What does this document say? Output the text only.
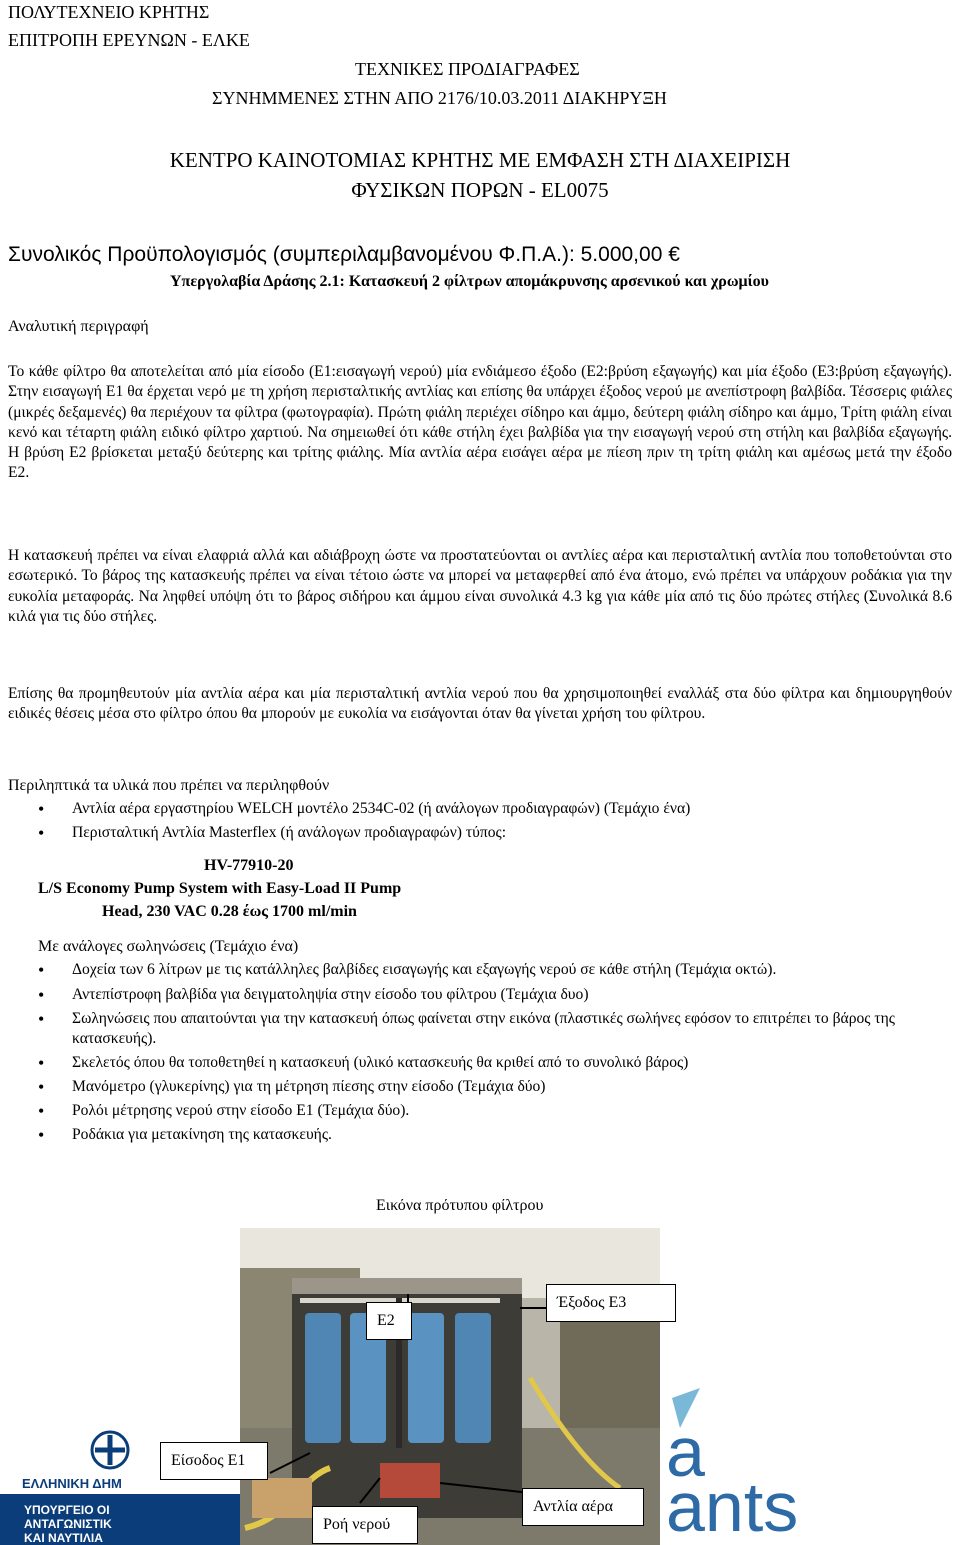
ΠΟΛΥΤΕΧΝΕΙΟ ΚΡΗΤΗΣ

ΕΠΙΤΡΟΠΗ ΕΡΕΥΝΩΝ - ΕΛΚΕ

ΤΕΧΝΙΚΕΣ ΠΡΟΔΙΑΓΡΑΦΕΣ

ΣΥΝΗΜΜΕΝΕΣ ΣΤΗΝ ΑΠΟ 2176/10.03.2011 ΔΙΑΚΗΡΥΞΗ

ΚΕΝΤΡΟ ΚΑΙΝΟΤΟΜΙΑΣ ΚΡΗΤΗΣ ΜΕ ΕΜΦΑΣΗ ΣΤΗ ΔΙΑΧΕΙΡΙΣΗ

ΦΥΣΙΚΩΝ ΠΟΡΩΝ - EL0075

Συνολικός Προϋπολογισμός (συμπεριλαμβανομένου Φ.Π.Α.): 5.000,00 €

Υπεργολαβία Δράσης 2.1: Κατασκευή 2 φίλτρων απομάκρυνσης αρσενικού και χρωμίου

Αναλυτική περιγραφή

Το κάθε φίλτρο θα αποτελείται από μία είσοδο (Ε1:εισαγωγή νερού) μία ενδιάμεσο έξοδο (Ε2:βρύση εξαγωγής) και μία έξοδο (Ε3:βρύση εξαγωγής). Στην εισαγωγή Ε1 θα έρχεται νερό με τη χρήση περισταλτικής αντλίας και επίσης θα υπάρχει έξοδος νερού με ανεπίστροφη βαλβίδα. Τέσσερις φιάλες (μικρές δεξαμενές) θα περιέχουν τα φίλτρα (φωτογραφία). Πρώτη φιάλη περιέχει σίδηρο και άμμο, δεύτερη φιάλη σίδηρο και άμμο, Τρίτη φιάλη είναι κενό και τέταρτη φιάλη ειδικό φίλτρο χαρτιού. Να σημειωθεί ότι κάθε στήλη έχει βαλβίδα για την εισαγωγή νερού στη στήλη και βαλβίδα εξαγωγής. Η βρύση Ε2 βρίσκεται μεταξύ δεύτερης και τρίτης φιάλης. Μία αντλία αέρα εισάγει αέρα με πίεση πριν τη τρίτη φιάλη και αμέσως μετά την έξοδο Ε2.

Η κατασκευή πρέπει να είναι ελαφριά αλλά και αδιάβροχη ώστε να προστατεύονται οι αντλίες αέρα και περισταλτική αντλία που τοποθετούνται στο εσωτερικό. Το βάρος της κατασκευής πρέπει να είναι τέτοιο ώστε να μπορεί να μεταφερθεί από ένα άτομο, ενώ πρέπει να υπάρχουν ροδάκια για την ευκολία μεταφοράς. Να ληφθεί υπόψη ότι το βάρος σιδήρου και άμμου είναι συνολικά 4.3 kg για κάθε μία από τις δύο πρώτες στήλες (Συνολικά 8.6 κιλά για τις δύο στήλες.

Επίσης θα προμηθευτούν μία αντλία αέρα και μία περισταλτική αντλία νερού που θα χρησιμοποιηθεί εναλλάξ στα δύο φίλτρα και δημιουργηθούν ειδικές θέσεις μέσα στο φίλτρο όπου θα μπορούν με ευκολία να εισάγονται όταν θα γίνεται χρήση του φίλτρου.

Περιληπτικά τα υλικά που πρέπει να περιληφθούν

• Αντλία αέρα εργαστηρίου WELCH μοντέλο 2534C-02 (ή ανάλογων προδιαγραφών) (Τεμάχιο ένα)
• Περισταλτική Αντλία Masterflex (ή ανάλογων προδιαγραφών) τύπος:

HV-77910-20

L/S Economy Pump System with Easy-Load II Pump

Head, 230 VAC 0.28 έως 1700 ml/min

Με ανάλογες σωληνώσεις (Τεμάχιο ένα)

• Δοχεία των 6 λίτρων με τις κατάλληλες βαλβίδες εισαγωγής και εξαγωγής νερού σε κάθε στήλη (Τεμάχια οκτώ).
• Αντεπίστροφη βαλβίδα για δειγματοληψία στην είσοδο του φίλτρου (Τεμάχια δυο)
• Σωληνώσεις που απαιτούνται για την κατασκευή όπως φαίνεται στην εικόνα (πλαστικές σωλήνες εφόσον το επιτρέπει το βάρος της κατασκευής).
• Σκελετός όπου θα τοποθετηθεί η κατασκευή (υλικό κατασκευής θα κριθεί από το συνολικό βάρος)
• Μανόμετρο (γλυκερίνης) για τη μέτρηση πίεσης στην είσοδο (Τεμάχια δύο)
• Ρολόι μέτρησης νερού στην είσοδο Ε1 (Τεμάχια δύο).
• Ροδάκια για μετακίνηση της κατασκευής.

Εικόνα πρότυπου φίλτρου

a
ants
ΕΛΛΗΝΙΚΗ ΔΗΜ
ΥΠΟΥΡΓΕΙΟ ΟΙ
ΑΝΤΑΓΩΝΙΣΤΙΚ
ΚΑΙ ΝΑΥΤΙΛΙΑ
Ε2
Έξοδος Ε3
Είσοδος Ε1
Αντλία αέρα
Ροή νερού
